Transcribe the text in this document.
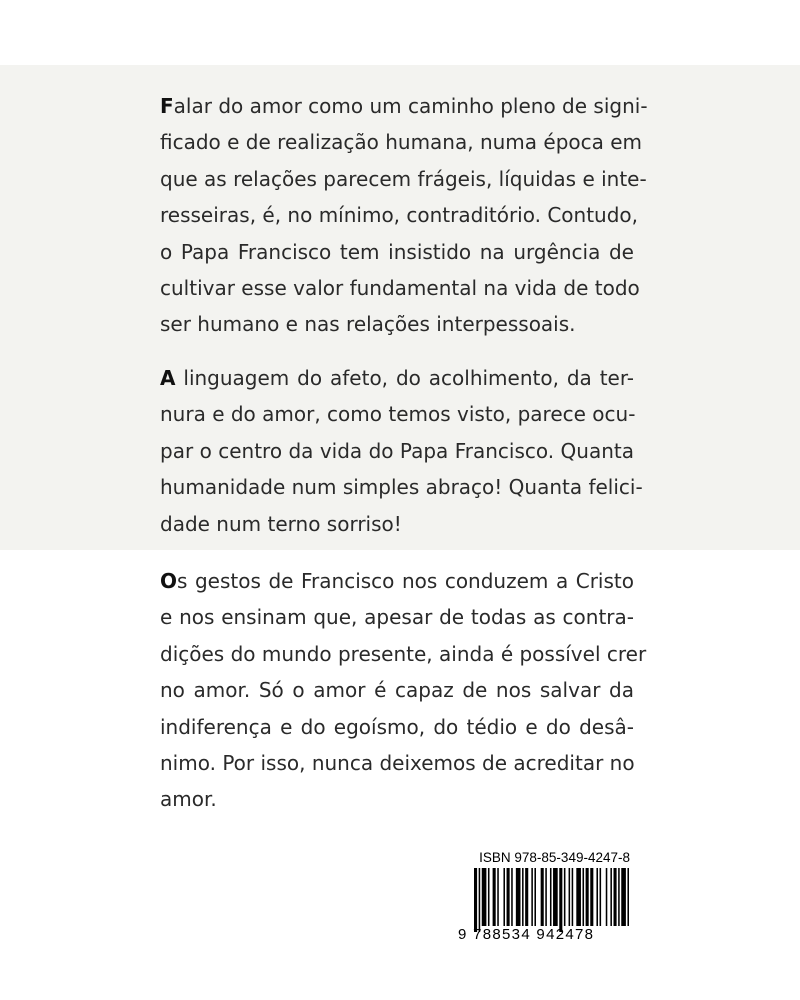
Falar do amor como um caminho pleno de signi-
ficado e de realização humana, numa época em
que as relações parecem frágeis, líquidas e inte-
resseiras, é, no mínimo, contraditório. Contudo,
o Papa Francisco tem insistido na urgência de
cultivar esse valor fundamental na vida de todo
ser humano e nas relações interpessoais.
A linguagem do afeto, do acolhimento, da ter-
nura e do amor, como temos visto, parece ocu-
par o centro da vida do Papa Francisco. Quanta
humanidade num simples abraço! Quanta felici-
dade num terno sorriso!
Os gestos de Francisco nos conduzem a Cristo
e nos ensinam que, apesar de todas as contra-
dições do mundo presente, ainda é possível crer
no amor. Só o amor é capaz de nos salvar da
indiferença e do egoísmo, do tédio e do desâ-
nimo. Por isso, nunca deixemos de acreditar no
amor.
ISBN 978-85-349-4247-8
9 788534 942478
